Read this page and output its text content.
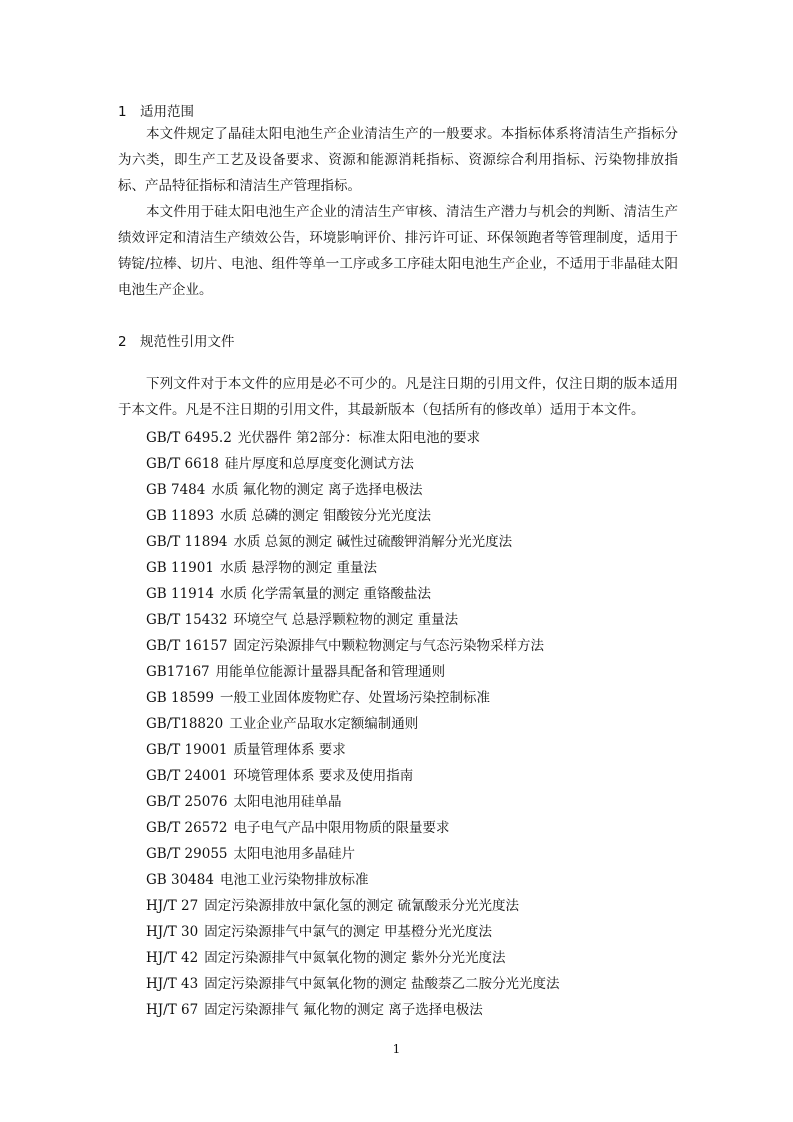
1 适用范围

本文件规定了晶硅太阳电池生产企业清洁生产的一般要求。本指标体系将清洁生产指标分为六类，即生产工艺及设备要求、资源和能源消耗指标、资源综合利用指标、污染物排放指标、产品特征指标和清洁生产管理指标。

本文件用于硅太阳电池生产企业的清洁生产审核、清洁生产潜力与机会的判断、清洁生产绩效评定和清洁生产绩效公告，环境影响评价、排污许可证、环保领跑者等管理制度，适用于铸锭/拉棒、切片、电池、组件等单一工序或多工序硅太阳电池生产企业，不适用于非晶硅太阳电池生产企业。

2 规范性引用文件

下列文件对于本文件的应用是必不可少的。凡是注日期的引用文件，仅注日期的版本适用于本文件。凡是不注日期的引用文件，其最新版本（包括所有的修改单）适用于本文件。

GB/T 6495.2 光伏器件 第2部分：标准太阳电池的要求
GB/T 6618 硅片厚度和总厚度变化测试方法
GB 7484 水质 氟化物的测定 离子选择电极法
GB 11893 水质 总磷的测定 钼酸铵分光光度法
GB/T 11894 水质 总氮的测定 碱性过硫酸钾消解分光光度法
GB 11901 水质 悬浮物的测定 重量法
GB 11914 水质 化学需氧量的测定 重铬酸盐法
GB/T 15432 环境空气 总悬浮颗粒物的测定 重量法
GB/T 16157 固定污染源排气中颗粒物测定与气态污染物采样方法
GB17167 用能单位能源计量器具配备和管理通则
GB 18599 一般工业固体废物贮存、处置场污染控制标准
GB/T18820 工业企业产品取水定额编制通则
GB/T 19001 质量管理体系 要求
GB/T 24001 环境管理体系 要求及使用指南
GB/T 25076 太阳电池用硅单晶
GB/T 26572 电子电气产品中限用物质的限量要求
GB/T 29055 太阳电池用多晶硅片
GB 30484 电池工业污染物排放标准
HJ/T 27 固定污染源排放中氯化氢的测定 硫氰酸汞分光光度法
HJ/T 30 固定污染源排气中氯气的测定 甲基橙分光光度法
HJ/T 42 固定污染源排气中氮氧化物的测定 紫外分光光度法
HJ/T 43 固定污染源排气中氮氧化物的测定 盐酸萘乙二胺分光光度法
HJ/T 67 固定污染源排气 氟化物的测定 离子选择电极法
1
